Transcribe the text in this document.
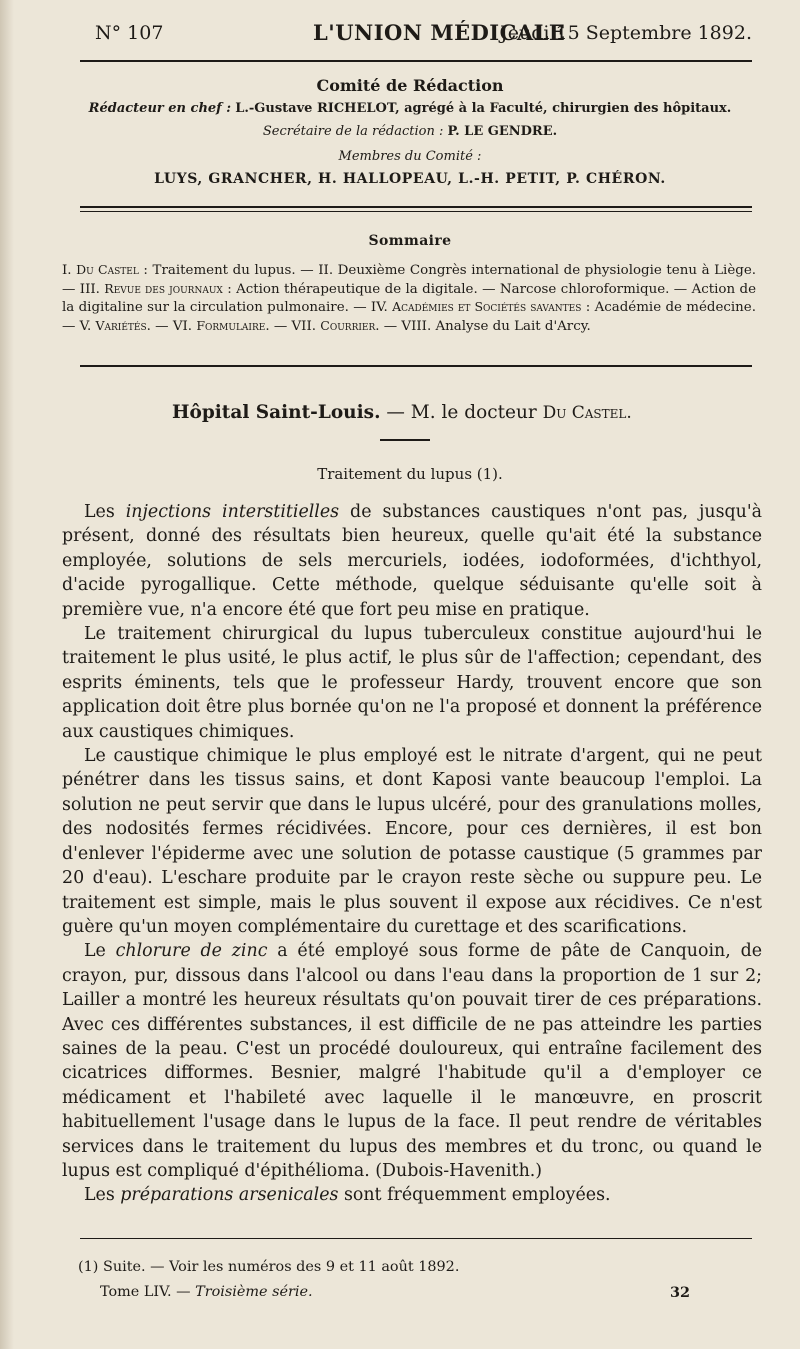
N° 107	L'UNION MÉDICALE
Jeudi 15 Septembre 1892.
Comité de Rédaction
Rédacteur en chef : L.-Gustave RICHELOT, agrégé à la Faculté, chirurgien des hôpitaux.
Secrétaire de la rédaction : P. LE GENDRE.
Membres du Comité :
LUYS, GRANCHER, H. HALLOPEAU, L.-H. PETIT, P. CHÉRON.
Sommaire
I. Du Castel : Traitement du lupus. — II. Deuxième Congrès international de physiologie tenu à Liège. — III. Revue des journaux : Action thérapeutique de la digitale. — Narcose chloroformique. — Action de la digitaline sur la circulation pulmonaire. — IV. Académies et Sociétés savantes : Académie de médecine. — V. Variétés. — VI. Formulaire. — VII. Courrier. — VIII. Analyse du Lait d'Arcy.
Hôpital Saint-Louis. — M. le docteur Du Castel.
Traitement du lupus (1).

Les injections interstitielles de substances caustiques n'ont pas, jusqu'à présent, donné des résultats bien heureux, quelle qu'ait été la substance employée, solutions de sels mercuriels, iodées, iodoformées, d'ichthyol, d'acide pyrogallique. Cette méthode, quelque séduisante qu'elle soit à première vue, n'a encore été que fort peu mise en pratique.

Le traitement chirurgical du lupus tuberculeux constitue aujourd'hui le traitement le plus usité, le plus actif, le plus sûr de l'affection; cependant, des esprits éminents, tels que le professeur Hardy, trouvent encore que son application doit être plus bornée qu'on ne l'a proposé et donnent la préférence aux caustiques chimiques.

Le caustique chimique le plus employé est le nitrate d'argent, qui ne peut pénétrer dans les tissus sains, et dont Kaposi vante beaucoup l'emploi. La solution ne peut servir que dans le lupus ulcéré, pour des granulations molles, des nodosités fermes récidivées. Encore, pour ces dernières, il est bon d'enlever l'épiderme avec une solution de potasse caustique (5 grammes par 20 d'eau). L'eschare produite par le crayon reste sèche ou suppure peu. Le traitement est simple, mais le plus souvent il expose aux récidives. Ce n'est guère qu'un moyen complémentaire du curettage et des scarifications.

Le chlorure de zinc a été employé sous forme de pâte de Canquoin, de crayon, pur, dissous dans l'alcool ou dans l'eau dans la proportion de 1 sur 2; Lailler a montré les heureux résultats qu'on pouvait tirer de ces préparations. Avec ces différentes substances, il est difficile de ne pas atteindre les parties saines de la peau. C'est un procédé douloureux, qui entraîne facilement des cicatrices difformes. Besnier, malgré l'habitude qu'il a d'employer ce médicament et l'habileté avec laquelle il le manœuvre, en proscrit habituellement l'usage dans le lupus de la face. Il peut rendre de véritables services dans le traitement du lupus des membres et du tronc, ou quand le lupus est compliqué d'épithélioma. (Dubois-Havenith.)

Les préparations arsenicales sont fréquemment employées.

(1) Suite. — Voir les numéros des 9 et 11 août 1892.
Tome LIV. — Troisième série.	32
